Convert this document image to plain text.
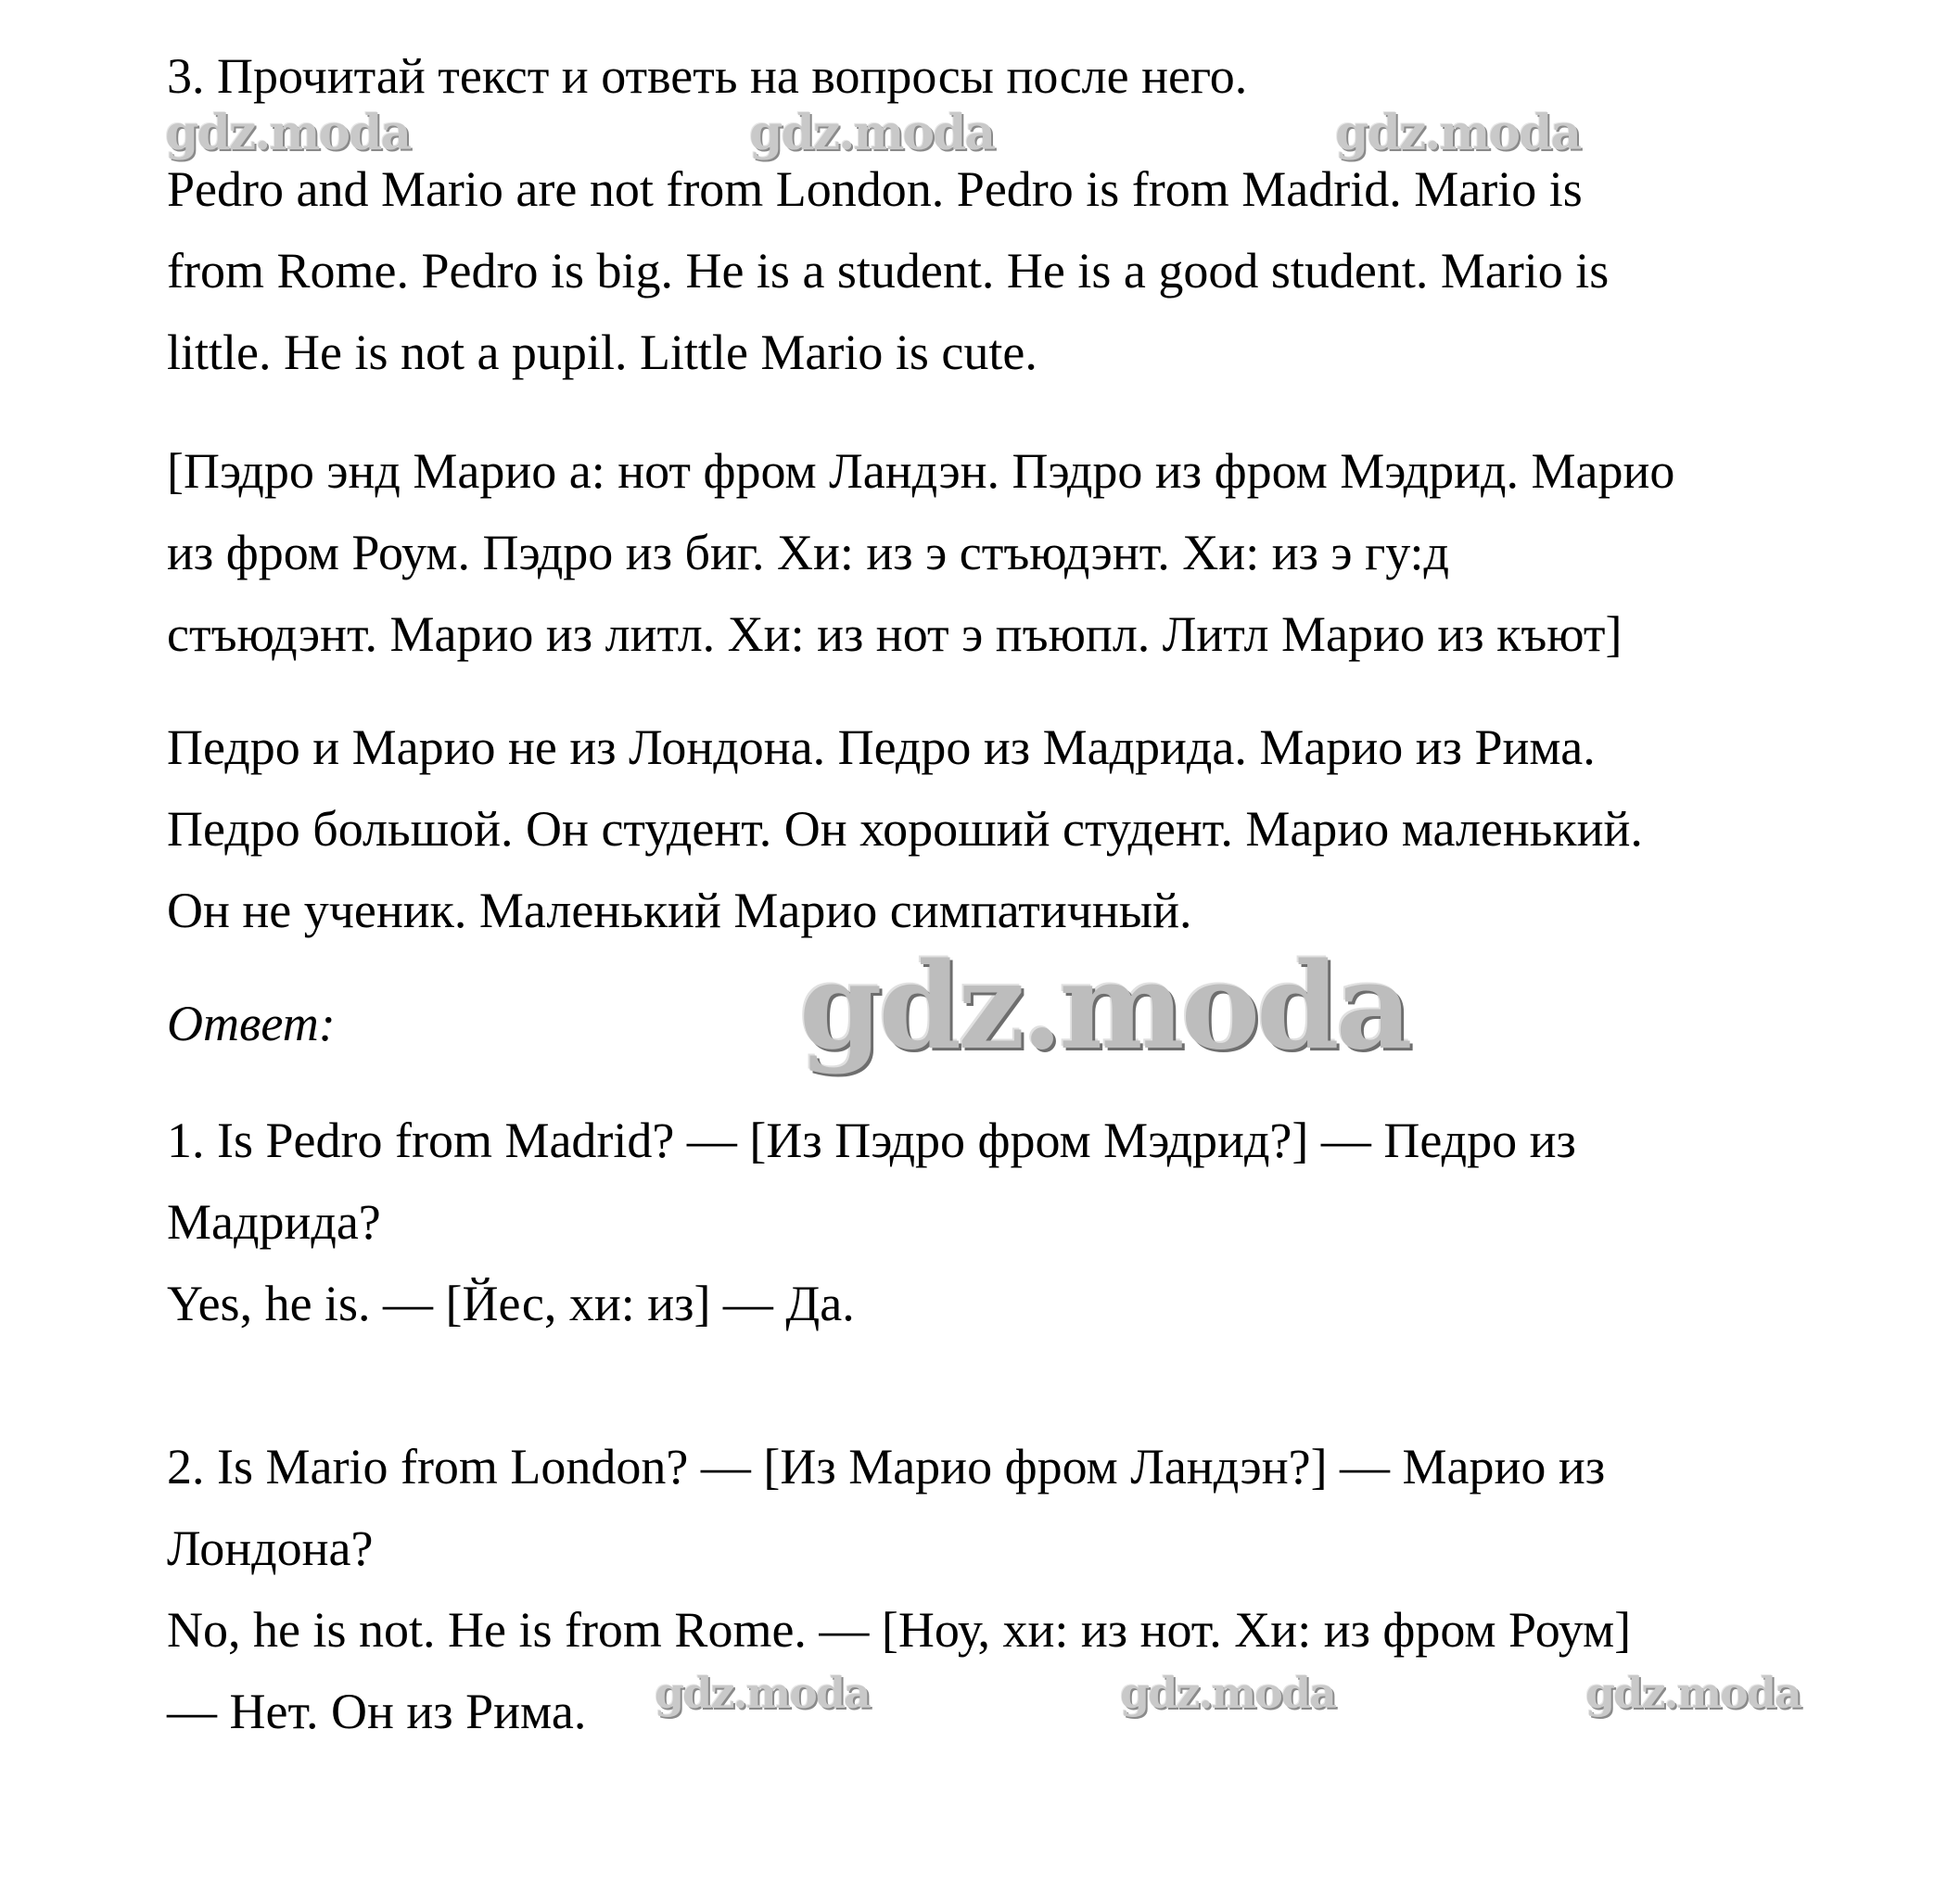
3. Прочитай текст и ответь на вопросы после него.
gdz.moda	gdz.moda	gdz.moda
Pedro and Mario are not from London. Pedro is from Madrid. Mario is
from Rome. Pedro is big. He is a student. He is a good student. Mario is
little. He is not a pupil. Little Mario is cute.
[Пэдро энд Марио а: нот фром Ландэн. Пэдро из фром Мэдрид. Марио
из фром Роум. Пэдро из биг. Хи: из э стъюдэнт. Хи: из э гу:д
стъюдэнт. Марио из литл. Хи: из нот э пъюпл. Литл Марио из къют]
Педро и Марио не из Лондона. Педро из Мадрида. Марио из Рима.
Педро большой. Он студент. Он хороший студент. Марио маленький.
Он не ученик. Маленький Марио симпатичный.
Ответ:	gdz.moda
1. Is Pedro from Madrid? — [Из Пэдро фром Мэдрид?] — Педро из
Мадрида?
Yes, he is. — [Йес, хи: из] — Да.
2. Is Mario from London? — [Из Марио фром Ландэн?] — Марио из
Лондона?
No, he is not. He is from Rome. — [Ноу, хи: из нот. Хи: из фром Роум]
— Нет. Он из Рима. gdz.moda	gdz.moda	gdz.moda
